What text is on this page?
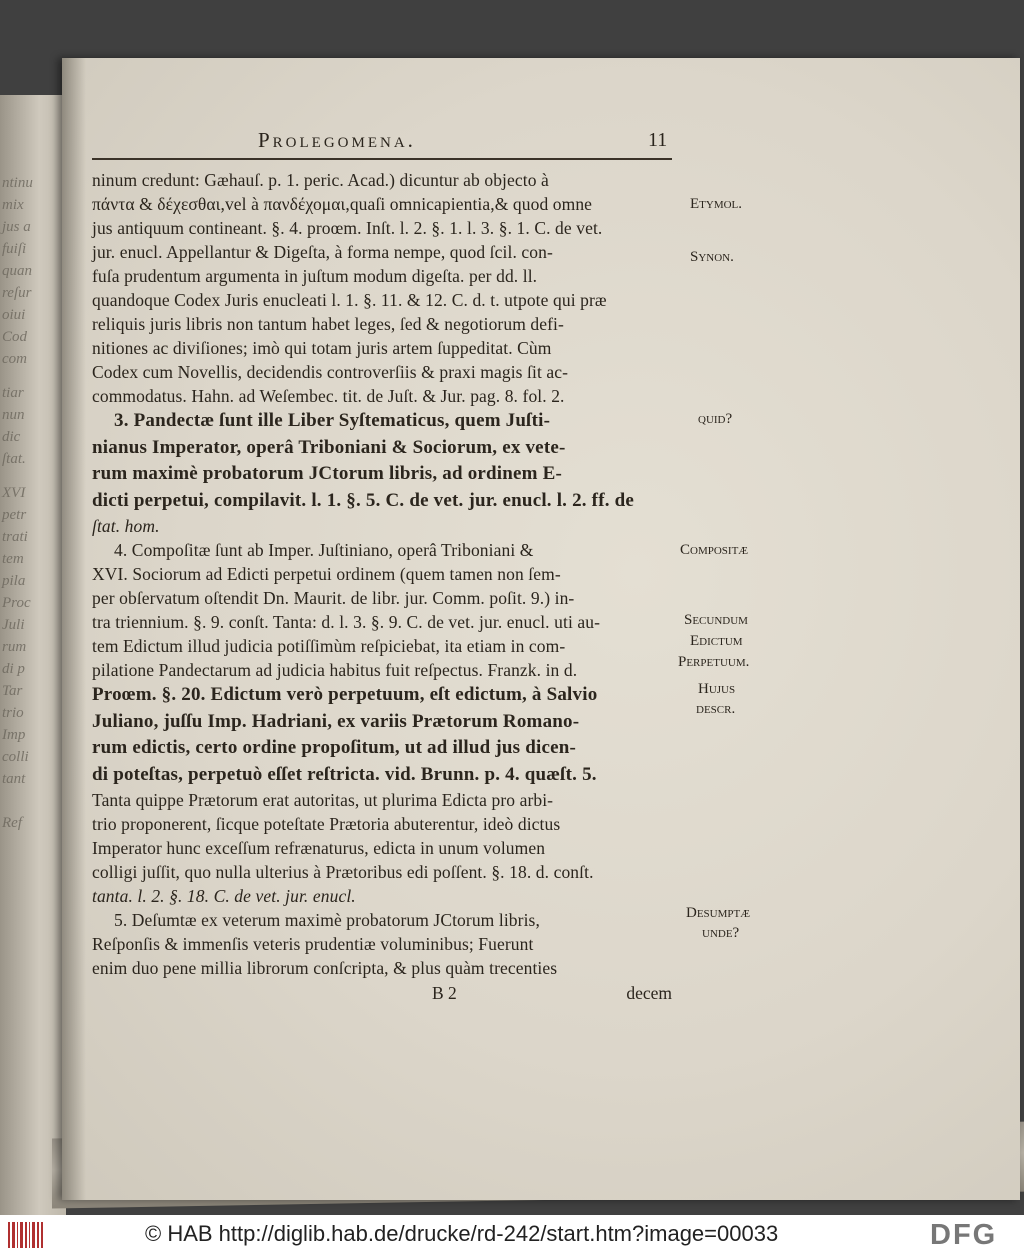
ntinu
mix
jus a
fuiſi
quan
reſur
oiui
Cod
com
tiar
nun
dic
ſtat.
XVI
petr
trati
tem
pila
Proc
Juli
rum
di p
Tar
trio
Imp
colli
tant
Ref
Prolegomena.	11
ninum credunt: Gæhauſ. p. 1. peric. Acad.) dicuntur ab objecto à
πάντα & δέχεσθαι,vel à πανδέχομαι,quaſi omnicapientia,& quod omne
jus antiquum contineant. §. 4. proœm. Inſt. l. 2. §. 1. l. 3. §. 1. C. de vet.
jur. enucl. Appellantur & Digeſta, à forma nempe, quod ſcil. con-
fuſa prudentum argumenta in juſtum modum digeſta. per dd. ll.
quandoque Codex Juris enucleati l. 1. §. 11. & 12. C. d. t. utpote qui præ
reliquis juris libris non tantum habet leges, ſed & negotiorum defi-
nitiones ac diviſiones; imò qui totam juris artem ſuppeditat. Cùm
Codex cum Novellis, decidendis controverſiis & praxi magis ſit ac-
commodatus. Hahn. ad Weſembec. tit. de Juſt. & Jur. pag. 8. fol. 2.
3. Pandectæ ſunt ille Liber Syſtematicus, quem Juſti-
nianus Imperator, operâ Triboniani & Sociorum, ex vete-
rum maximè probatorum JCtorum libris, ad ordinem E-
dicti perpetui, compilavit. l. 1. §. 5. C. de vet. jur. enucl. l. 2. ff. de
ſtat. hom.
4. Compoſitæ ſunt ab Imper. Juſtiniano, operâ Triboniani &
XVI. Sociorum ad Edicti perpetui ordinem (quem tamen non ſem-
per obſervatum oſtendit Dn. Maurit. de libr. jur. Comm. poſit. 9.) in-
tra triennium. §. 9. conſt. Tanta: d. l. 3. §. 9. C. de vet. jur. enucl. uti au-
tem Edictum illud judicia potiſſimùm reſpiciebat, ita etiam in com-
pilatione Pandectarum ad judicia habitus fuit reſpectus. Franzk. in d.
Proœm. §. 20. Edictum verò perpetuum, eſt edictum, à Salvio
Juliano, juſſu Imp. Hadriani, ex variis Prætorum Romano-
rum edictis, certo ordine propoſitum, ut ad illud jus dicen-
di poteſtas, perpetuò eſſet reſtricta. vid. Brunn. p. 4. quæſt. 5.
Tanta quippe Prætorum erat autoritas, ut plurima Edicta pro arbi-
trio proponerent, ſicque poteſtate Prætoria abuterentur, ideò dictus
Imperator hunc exceſſum refrænaturus, edicta in unum volumen
colligi juſſit, quo nulla ulterius à Prætoribus edi poſſent. §. 18. d. conſt.
tanta. l. 2. §. 18. C. de vet. jur. enucl.
5. Deſumtæ ex veterum maximè probatorum JCtorum libris,
Reſponſis & immenſis veteris prudentiæ voluminibus; Fuerunt
enim duo pene millia librorum conſcripta, & plus quàm trecenties
B 2	decem
Etymol.
Synon.
quid?
Compoſitæ
Secundum
Edictum
Perpetuum.
Hujus
deſcr.
Deſumptæ
unde?
© HAB http://diglib.hab.de/drucke/rd-242/start.htm?image=00033	DFG
